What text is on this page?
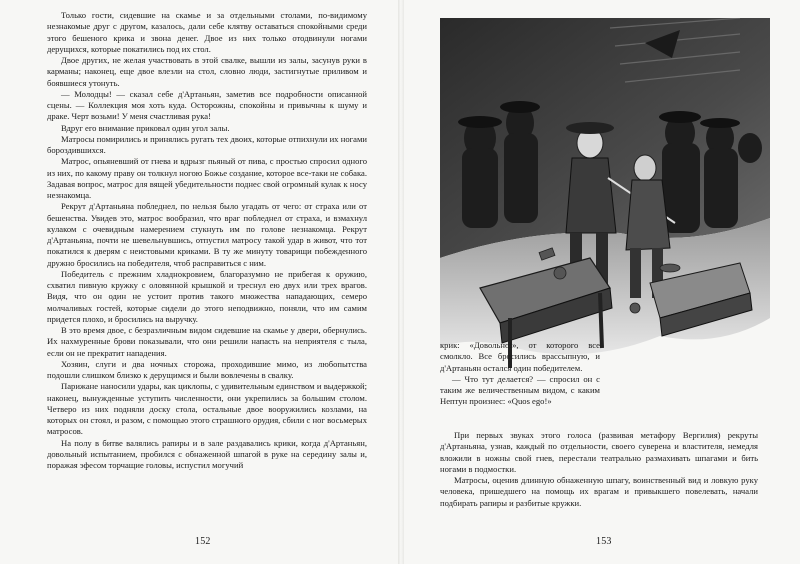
Только гости, сидевшие на скамье и за отдельными столами, по-видимому незнакомые друг с другом, казалось, дали себе клятву оставаться спокойными среди этого бешеного крика и звона денег. Двое из них только отодвинули ногами дерущихся, которые покатились под их стол.

Двое других, не желая участвовать в этой свалке, вышли из залы, засунув руки в карманы; наконец, еще двое влезли на стол, словно люди, застигнутые приливом и боявшиеся утонуть.

— Молодцы! — сказал себе д'Артаньян, заметив все подробности описанной сцены. — Коллекция моя хоть куда. Осторожны, спокойны и привычны к шуму и драке. Черт возьми! У меня счастливая рука!

Вдруг его внимание приковал один угол залы.

Матросы помирились и принялись ругать тех двоих, которые отпихнули их ногами бороздившихся.

Матрос, опьяневший от гнева и вдрызг пьяный от пива, с простью спросил одного из них, по какому праву он толкнул ногою Божье создание, которое все-таки не собака. Задавая вопрос, матрос для вящей убедительности поднес свой огромный кулак к носу незнакомца.

Рекрут д'Артаньяна побледнел, по нельзя было угадать от чего: от страха или от бешенства. Увидев это, матрос вообразил, что враг побледнел от страха, и взмахнул кулаком с очевидным намерением стукнуть им по голове незнакомца. Рекрут д'Артаньяна, почти не шевельнувшись, отпустил матросу такой удар в живот, что тот покатился к дверям с неистовыми криками. В ту же минуту товарищи побежденного дружно бросились на победителя, чтоб расправиться с ним.

Победитель с прежним хладнокровием, благоразумно не прибегая к оружию, схватил пивную кружку с оловянной крышкой и треснул ею двух или трех врагов. Видя, что он один не устоит против такого множества нападающих, семеро молчаливых гостей, которые сидели до этого неподвижно, поняли, что им самим придется плохо, и бросились на выручку.

В это время двое, с безразличным видом сидевшие на скамье у двери, обернулись. Их нахмуренные брови показывали, что они решили напасть на неприятеля с тыла, если он не прекратит нападения.

Хозяин, слуги и два ночных сторожа, проходившие мимо, из любопытства подошли слишком близко к дерущимся и были вовлечены в свалку.

Парижане наносили удары, как циклопы, с удивительным единством и выдержкой; наконец, вынужденные уступить численности, они укрепились за большим столом. Четверо из них подняли доску стола, остальные двое вооружились козлами, на которых он стоял, и разом, с помощью этого страшного орудия, сбили с ног восьмерых матросов.

На полу в битве валялись рапиры и в зале раздавались крики, когда д'Артаньян, довольный испытанием, пробился с обнаженной шпагой в руке на середину залы и, поражая эфесом торчащие головы, испустил могучий

152

крик: «Довольно!», от которого все смолкло. Все бросились врассыпную, и д'Артаньян остался один победителем.

— Что тут делается? — спросил он с таким же величественным видом, с каким Нептун произнес: «Quos ego!»

При первых звуках этого голоса (развивая метафору Вергилия) рекруты д'Артаньяна, узнав, каждый по отдельности, своего суверена и властителя, немедля вложили в ножны свой гнев, перестали театрально размахивать шпагами и бить ногами в подмостки.

Матросы, оценив длинную обнаженную шпагу, воинственный вид и ловкую руку человека, пришедшего на помощь их врагам и привыкшего повелевать, начали подбирать рапиры и разбитые кружки.

153
